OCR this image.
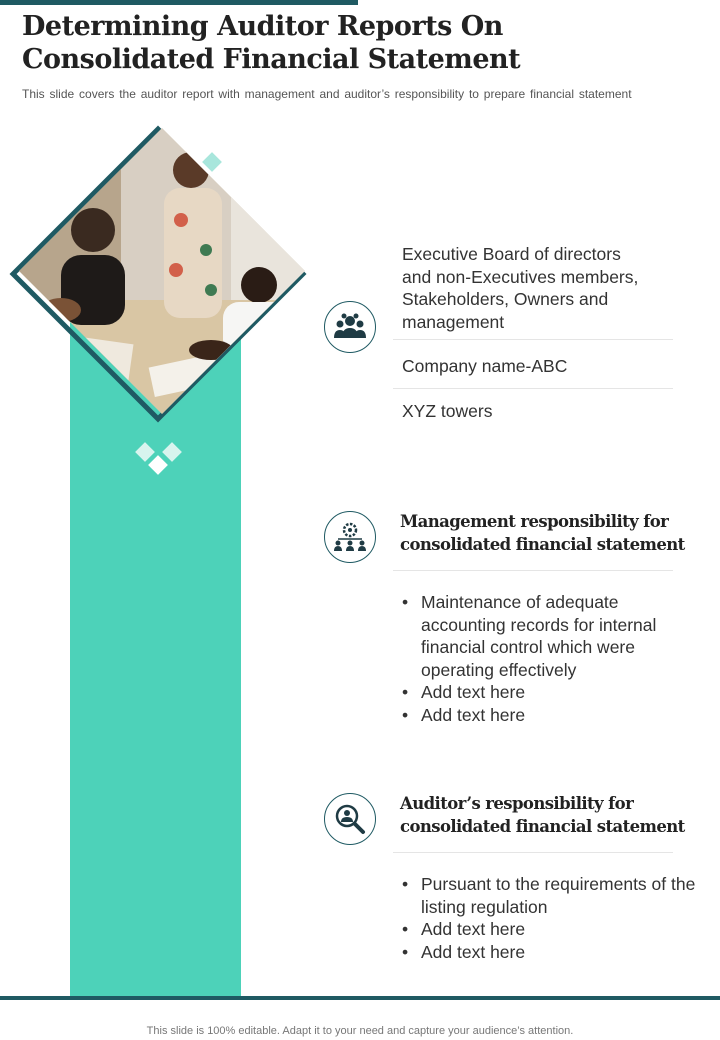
Determining Auditor Reports On Consolidated Financial Statement
This slide covers the auditor report with management and auditor’s responsibility to prepare financial statement
Executive Board of directors and non-Executives members, Stakeholders, Owners and management
Company name-ABC
XYZ towers
Management responsibility for consolidated financial statement
• Maintenance of adequate accounting records for internal financial control which were operating effectively
• Add text here
• Add text here
Auditor’s responsibility for consolidated financial statement
• Pursuant to the requirements of the listing regulation
• Add text here
• Add text here
This slide is 100% editable. Adapt it to your need and capture your audience’s attention.
